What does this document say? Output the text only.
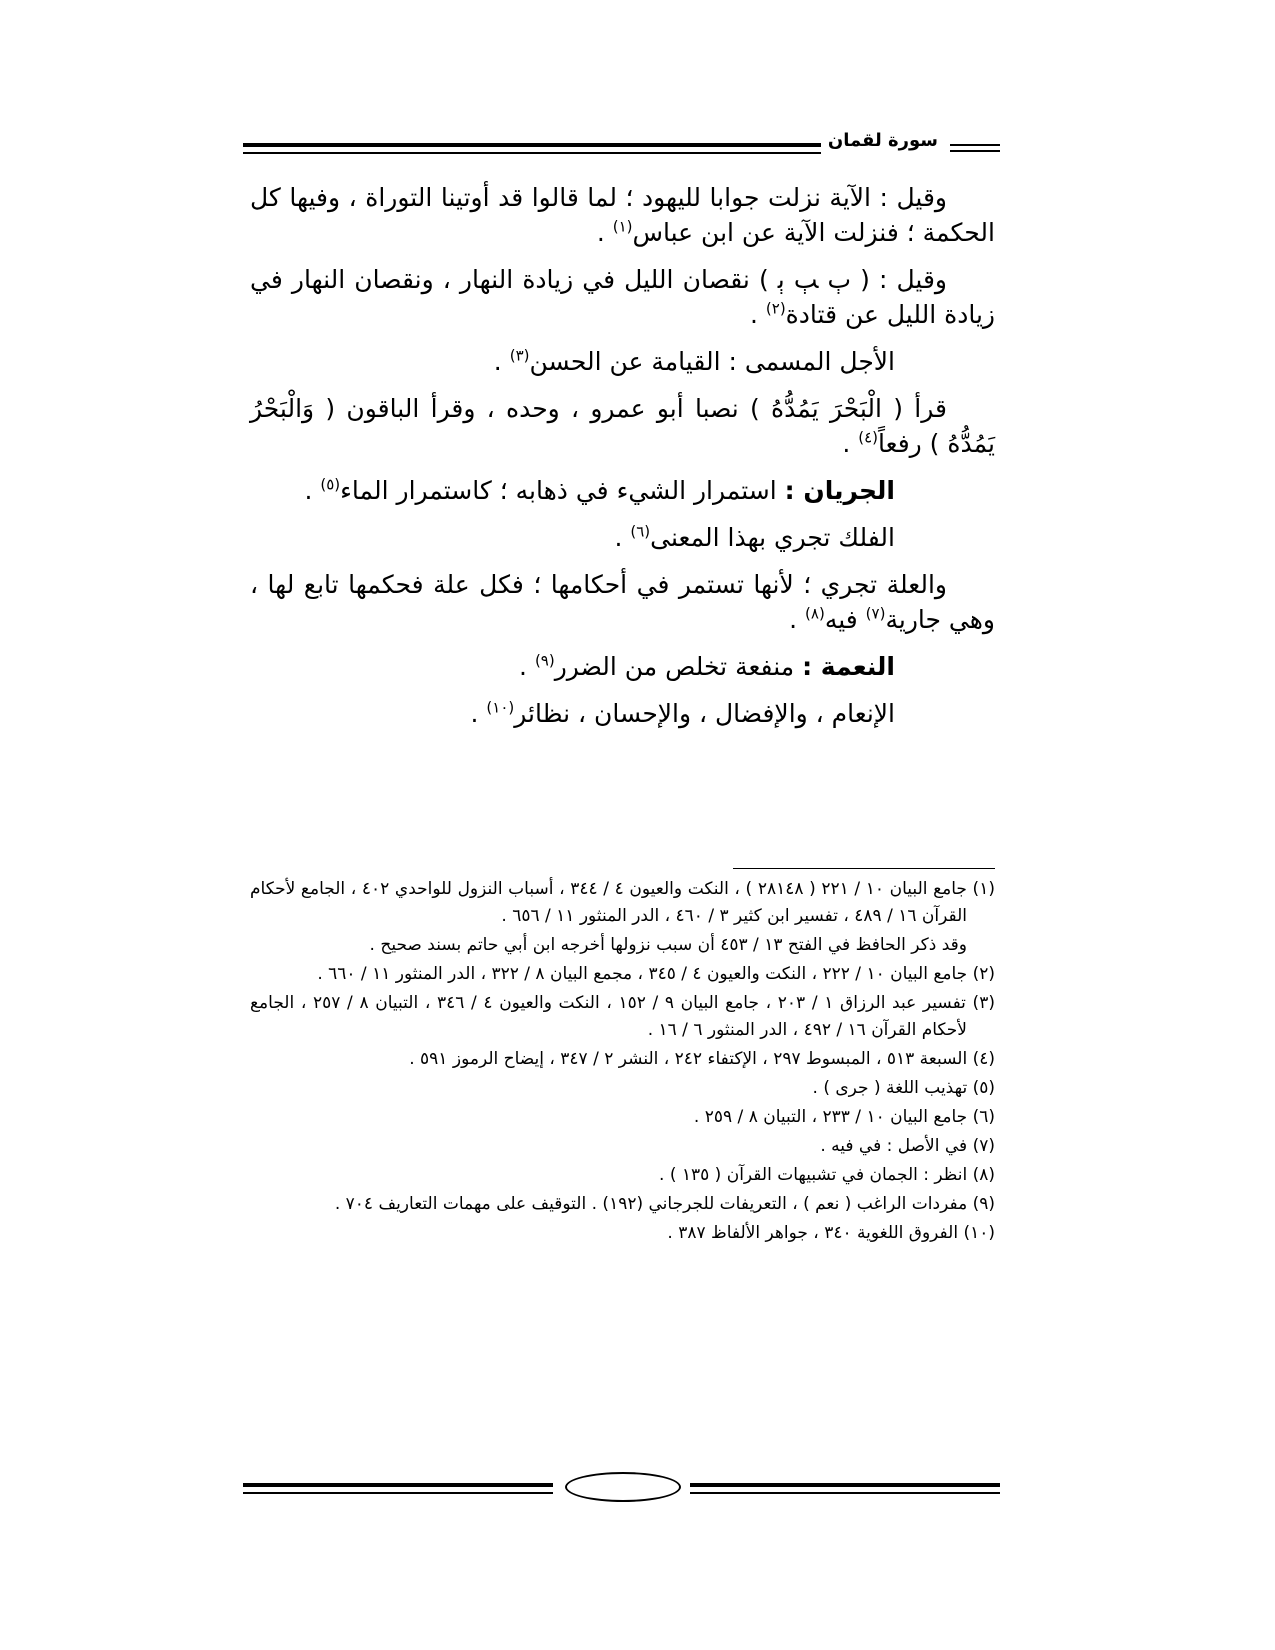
سورة لقمان

وقيل : الآية نزلت جوابا لليهود ؛ لما قالوا قد أوتينا التوراة ، وفيها كل الحكمة ؛ فنزلت الآية عن ابن عباس$^{(١)}$ .

وقيل : ( ﭒ ﭓ ﭔ ) نقصان الليل في زيادة النهار ، ونقصان النهار في زيادة الليل عن قتادة$^{(٢)}$ .

الأجل المسمى : القيامة عن الحسن$^{(٣)}$ .

قرأ ( الْبَحْرَ يَمُدُّهُ ) نصبا أبو عمرو ، وحده ، وقرأ الباقون ( وَالْبَحْرُ يَمُدُّهُ ) رفعاً$^{(٤)}$ .

الجريان : استمرار الشيء في ذهابه ؛ كاستمرار الماء$^{(٥)}$ .

الفلك تجري بهذا المعنى$^{(٦)}$ .

والعلة تجري ؛ لأنها تستمر في أحكامها ؛ فكل علة فحكمها تابع لها ، وهي جارية$^{(٧)}$ فيه$^{(٨)}$ .

النعمة : منفعة تخلص من الضرر$^{(٩)}$ .

الإنعام ، والإفضال ، والإحسان ، نظائر$^{(١٠)}$ .

(١) جامع البيان ١٠ / ٢٢١ ( ٢٨١٤٨ ) ، النكت والعيون ٤ / ٣٤٤ ، أسباب النزول للواحدي ٤٠٢ ، الجامع لأحكام القرآن ١٦ / ٤٨٩ ، تفسير ابن كثير ٣ / ٤٦٠ ، الدر المنثور ١١ / ٦٥٦ .

وقد ذكر الحافظ في الفتح ١٣ / ٤٥٣ أن سبب نزولها أخرجه ابن أبي حاتم بسند صحيح .

(٢) جامع البيان ١٠ / ٢٢٢ ، النكت والعيون ٤ / ٣٤٥ ، مجمع البيان ٨ / ٣٢٢ ، الدر المنثور ١١ / ٦٦٠ .

(٣) تفسير عبد الرزاق ١ / ٢٠٣ ، جامع البيان ٩ / ١٥٢ ، النكت والعيون ٤ / ٣٤٦ ، التبيان ٨ / ٢٥٧ ، الجامع لأحكام القرآن ١٦ / ٤٩٢ ، الدر المنثور ٦ / ١٦ .

(٤) السبعة ٥١٣ ، المبسوط ٢٩٧ ، الإكتفاء ٢٤٢ ، النشر ٢ / ٣٤٧ ، إيضاح الرموز ٥٩١ .

(٥) تهذيب اللغة ( جرى ) .

(٦) جامع البيان ١٠ / ٢٣٣ ، التبيان ٨ / ٢٥٩ .

(٧) في الأصل : في فيه .

(٨) انظر : الجمان في تشبيهات القرآن ( ١٣٥ ) .

(٩) مفردات الراغب ( نعم ) ، التعريفات للجرجاني (١٩٢) . التوقيف على مهمات التعاريف ٧٠٤ .

(١٠) الفروق اللغوية ٣٤٠ ، جواهر الألفاظ ٣٨٧ .
